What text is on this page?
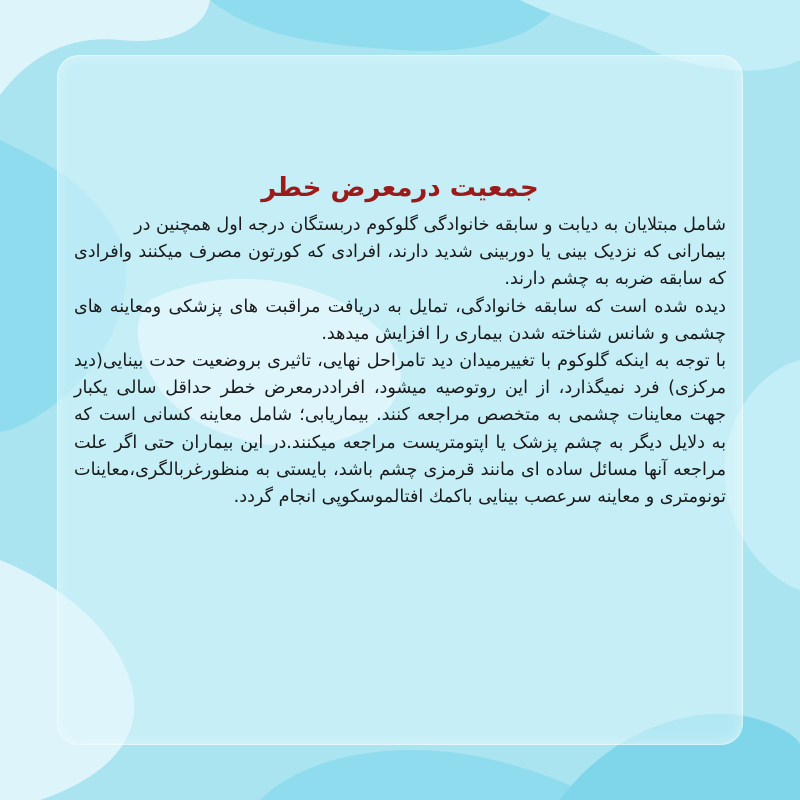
جمعیت درمعرض خطر

شامل مبتلایان به دیابت و سابقه خانوادگی گلوکوم دربستگان درجه اول همچنین در

بیمارانی که نزدیک بینی یا دوربینی شدید دارند، افرادی که کورتون مصرف میکنند وافرادی که سابقه ضربه به چشم دارند.

دیده شده است که سابقه خانوادگی، تمایل به دریافت مراقبت های پزشکی ومعاینه های چشمی و شانس شناخته شدن بیماری را افزایش میدهد.

با توجه به اینکه گلوکوم با تغییرمیدان دید تامراحل نهایی، تاثیری بروضعیت حدت بینایی(دید مرکزی) فرد نمیگذارد، از این روتوصیه میشود، افراددرمعرض خطر حداقل سالی یکبار جهت معاینات چشمی به متخصص مراجعه کنند. بیماریابی؛ شامل معاینه کسانی است که به دلایل دیگر به چشم پزشک یا اپتومتریست مراجعه میکنند.در این بیماران حتی اگر علت مراجعه آنها مسائل ساده ای مانند قرمزی چشم باشد، بایستی به منظورغربالگری،معاینات تونومتری و معاینه سرعصب بینایی باکمك افتالموسکوپی انجام گردد.
